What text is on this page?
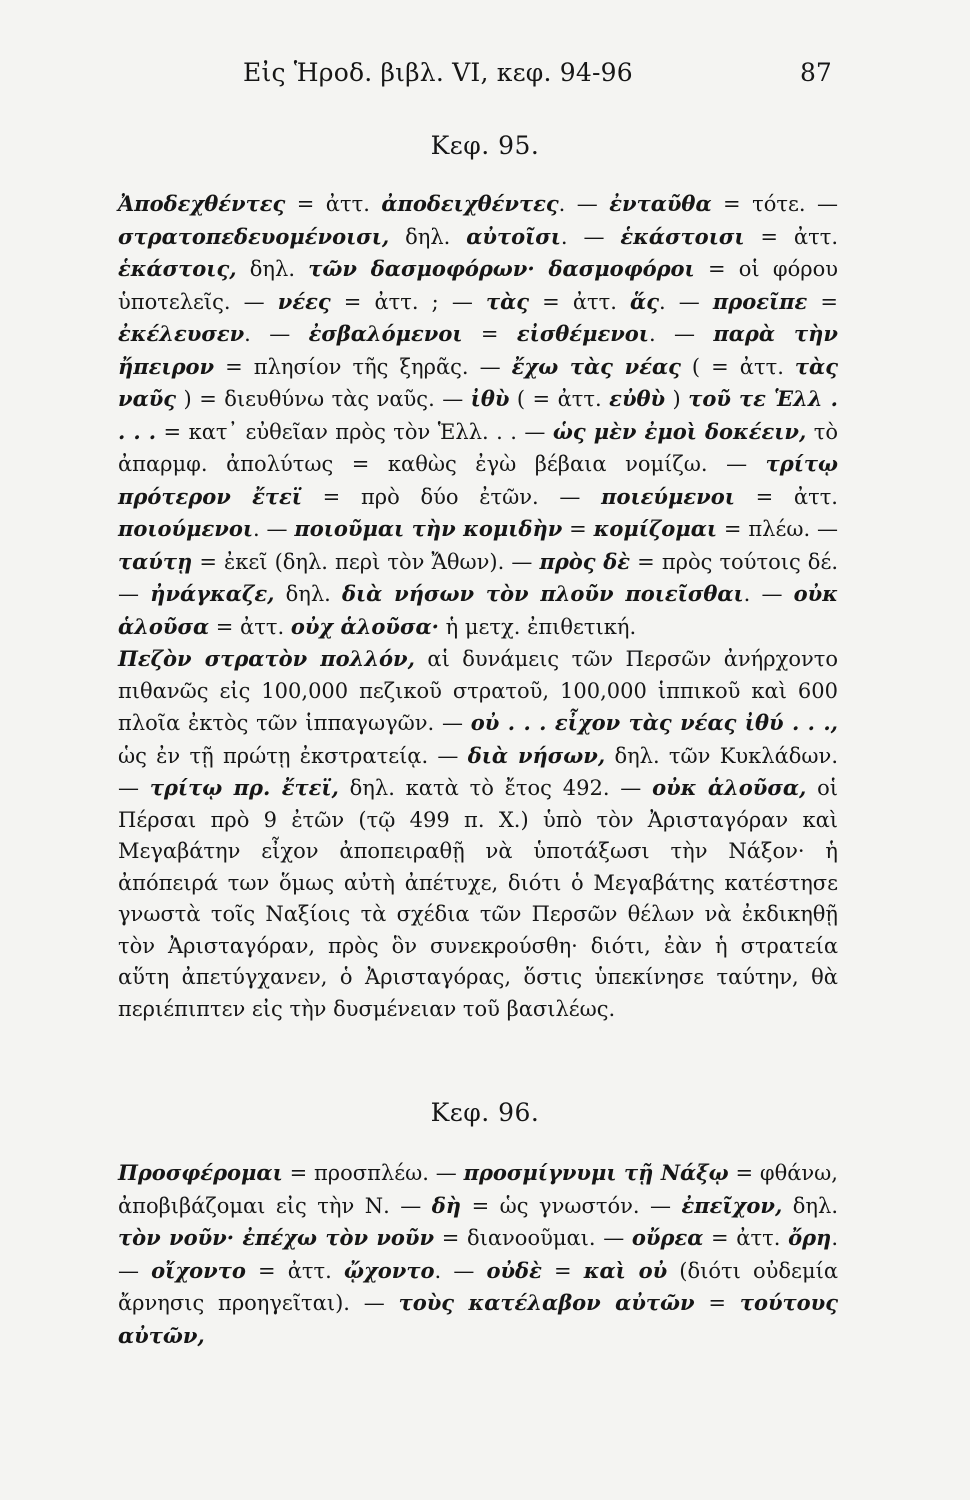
Εἰς Ἡροδ. βιβλ. VI, κεφ. 94-96	87
Κεφ. 95.

Ἀποδεχθέντες = ἀττ. ἀποδειχθέντες. — ἐνταῦθα = τότε. — στρατοπεδευομένοισι, δηλ. αὐτοῖσι. — ἑκάστοισι = ἀττ. ἑκάστοις, δηλ. τῶν δασμοφόρων· δασμοφόροι = οἱ φόρου ὑποτελεῖς. — νέες = ἀττ. ; — τὰς = ἀττ. ἅς. — προεῖπε = ἐκέλευσεν. — ἐσβαλόμενοι = εἰσθέμενοι. — παρὰ τὴν ἤπειρον = πλησίον τῆς ξηρᾶς. — ἔχω τὰς νέας ( = ἀττ. τὰς ναῦς ) = διευθύνω τὰς ναῦς. — ἰθὺ ( = ἀττ. εὐθὺ ) τοῦ τε Ἑλλ . . . . = κατ᾿ εὐθεῖαν πρὸς τὸν Ἑλλ. . . — ὡς μὲν ἐμοὶ δοκέειν, τὸ ἀπαρμφ. ἀπολύτως = καθὼς ἐγὼ βέβαια νομίζω. — τρίτῳ πρότερον ἔτεϊ = πρὸ δύο ἐτῶν. — ποιεύμενοι = ἀττ. ποιούμενοι. — ποιοῦμαι τὴν κομιδὴν = κομίζομαι = πλέω. — ταύτῃ = ἐκεῖ (δηλ. περὶ τὸν Ἄθων). — πρὸς δὲ = πρὸς τούτοις δέ. — ἠνάγκαζε, δηλ. διὰ νήσων τὸν πλοῦν ποιεῖσθαι. — οὐκ ἁλοῦσα = ἀττ. οὐχ ἁλοῦσα· ἡ μετχ. ἐπιθετική.

Πεζὸν στρατὸν πολλόν, αἱ δυνάμεις τῶν Περσῶν ἀνήρχοντο πιθανῶς εἰς 100,000 πεζικοῦ στρατοῦ, 100,000 ἱππικοῦ καὶ 600 πλοῖα ἐκτὸς τῶν ἱππαγωγῶν. — οὐ . . . εἶχον τὰς νέας ἰθύ . . ., ὡς ἐν τῇ πρώτῃ ἐκστρατείᾳ. — διὰ νήσων, δηλ. τῶν Κυκλάδων. — τρίτῳ πρ. ἔτεϊ, δηλ. κατὰ τὸ ἔτος 492. — οὐκ ἁλοῦσα, οἱ Πέρσαι πρὸ 9 ἐτῶν (τῷ 499 π. Χ.) ὑπὸ τὸν Ἀρισταγόραν καὶ Μεγαβάτην εἶχον ἀποπειραθῇ νὰ ὑποτάξωσι τὴν Νάξον· ἡ ἀπόπειρά των ὅμως αὐτὴ ἀπέτυχε, διότι ὁ Μεγαβάτης κατέστησε γνωστὰ τοῖς Ναξίοις τὰ σχέδια τῶν Περσῶν θέλων νὰ ἐκδικηθῇ τὸν Ἀρισταγόραν, πρὸς ὃν συνεκρούσθη· διότι, ἐὰν ἡ στρατεία αὕτη ἀπετύγχανεν, ὁ Ἀρισταγόρας, ὅστις ὑπεκίνησε ταύτην, θὰ περιέπιπτεν εἰς τὴν δυσμένειαν τοῦ βασιλέως.

Κεφ. 96.

Προσφέρομαι = προσπλέω. — προσμίγνυμι τῇ Νάξῳ = φθάνω, ἀποβιβάζομαι εἰς τὴν Ν. — δὴ = ὡς γνωστόν. — ἐπεῖχον, δηλ. τὸν νοῦν· ἐπέχω τὸν νοῦν = διανοοῦμαι. — οὔρεα = ἀττ. ὄρη. — οἴχοντο = ἀττ. ᾤχοντο. — οὐδὲ = καὶ οὐ (διότι οὐδεμία ἄρνησις προηγεῖται). — τοὺς κατέλαβον αὐτῶν = τούτους αὐτῶν,
